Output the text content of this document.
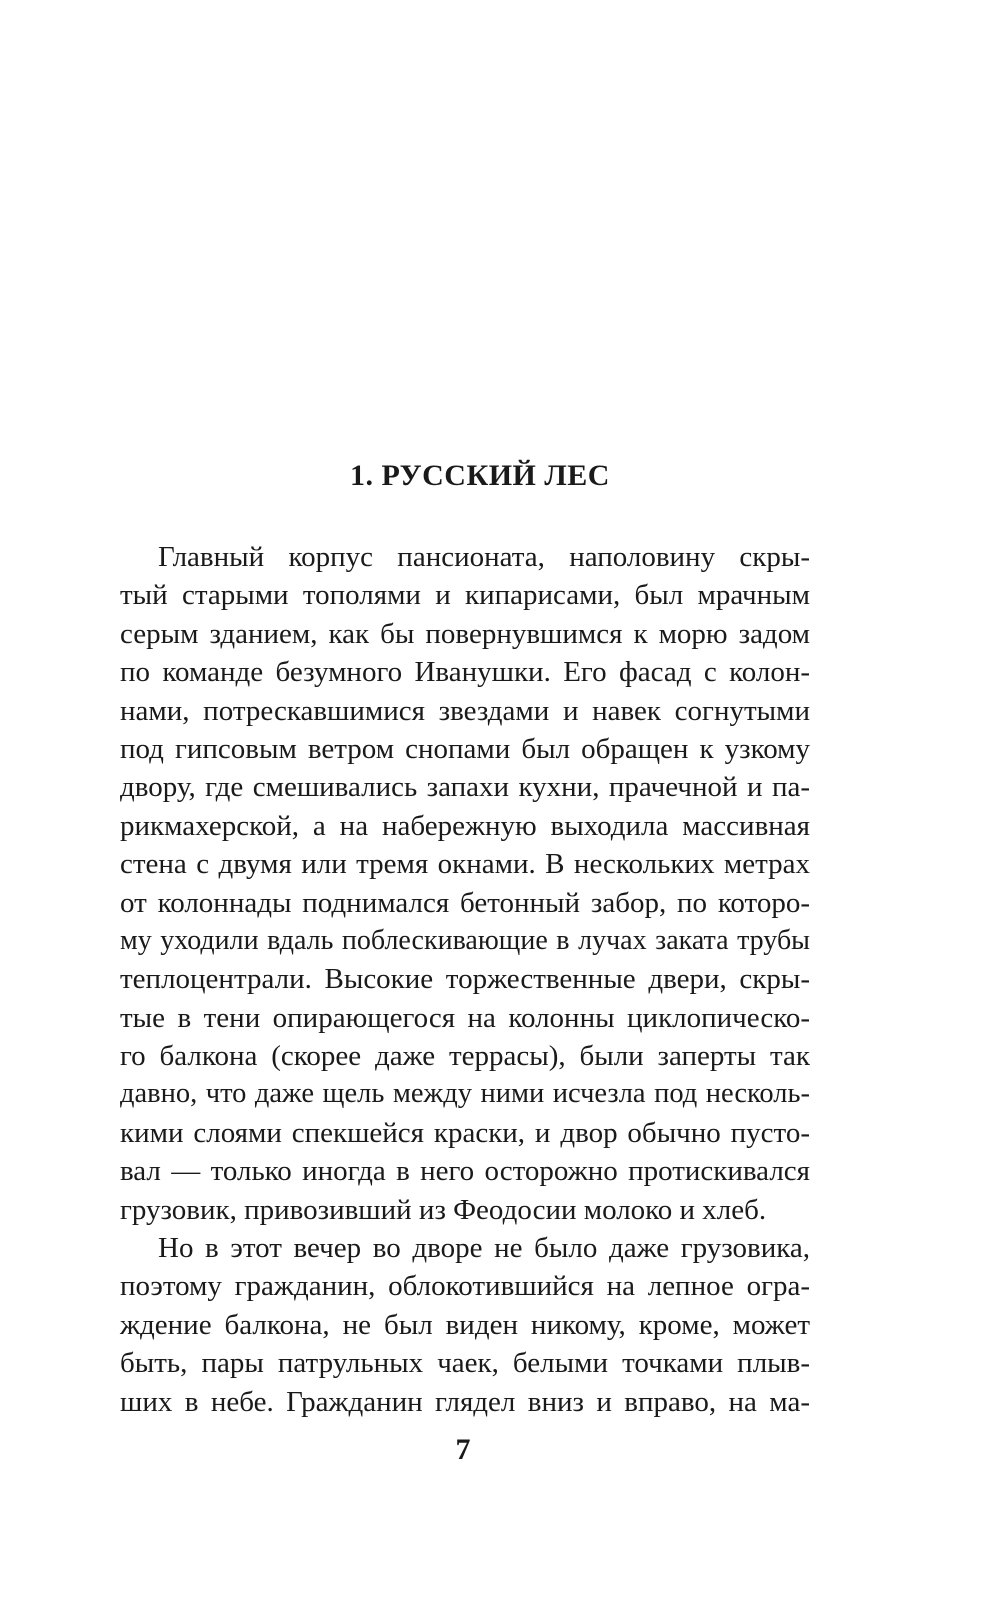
1. РУССКИЙ ЛЕС

Главный корпус пансионата, наполовину скры-
тый старыми тополями и кипарисами, был мрачным
серым зданием, как бы повернувшимся к морю задом
по команде безумного Иванушки. Его фасад с колон-
нами, потрескавшимися звездами и навек согнутыми
под гипсовым ветром снопами был обращен к узкому
двору, где смешивались запахи кухни, прачечной и па-
рикмахерской, а на набережную выходила массивная
стена с двумя или тремя окнами. В нескольких метрах
от колоннады поднимался бетонный забор, по которо-
му уходили вдаль поблескивающие в лучах заката трубы
теплоцентрали. Высокие торжественные двери, скры-
тые в тени опирающегося на колонны циклопическо-
го балкона (скорее даже террасы), были заперты так
давно, что даже щель между ними исчезла под несколь-
кими слоями спекшейся краски, и двор обычно пусто-
вал — только иногда в него осторожно протискивался
грузовик, привозивший из Феодосии молоко и хлеб.

Но в этот вечер во дворе не было даже грузовика,
поэтому гражданин, облокотившийся на лепное огра-
ждение балкона, не был виден никому, кроме, может
быть, пары патрульных чаек, белыми точками плыв-
ших в небе. Гражданин глядел вниз и вправо, на ма-

7
